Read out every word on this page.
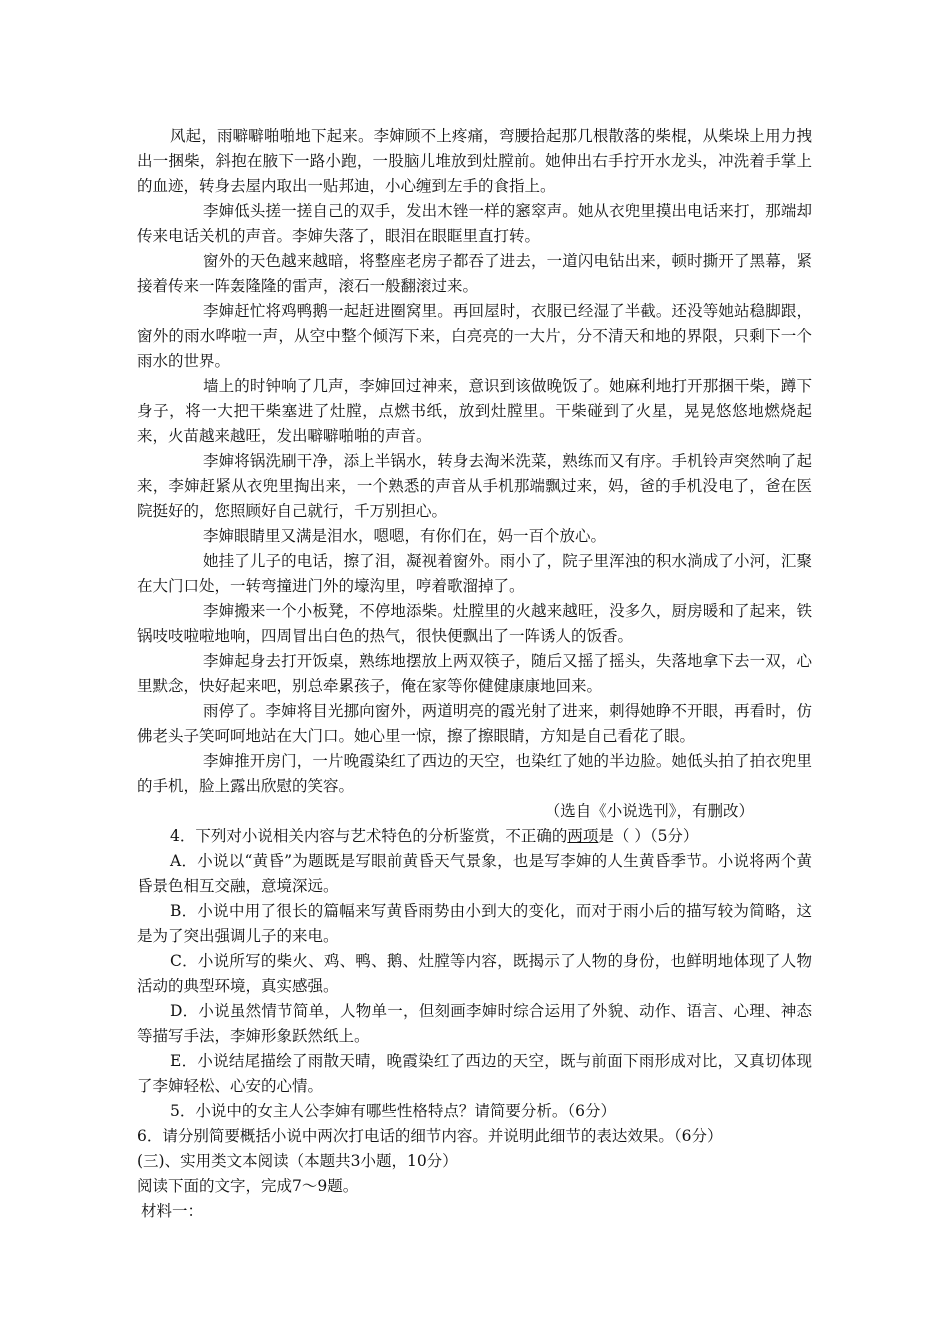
风起，雨噼噼啪啪地下起来。李婶顾不上疼痛，弯腰拾起那几根散落的柴棍，从柴垛上用力拽出一捆柴，斜抱在腋下一路小跑，一股脑儿堆放到灶膛前。她伸出右手拧开水龙头，冲洗着手掌上的血迹，转身去屋内取出一贴邦迪，小心缠到左手的食指上。

李婶低头搓一搓自己的双手，发出木锉一样的窸窣声。她从衣兜里摸出电话来打，那端却传来电话关机的声音。李婶失落了，眼泪在眼眶里直打转。

窗外的天色越来越暗，将整座老房子都吞了进去，一道闪电钻出来，顿时撕开了黑幕，紧接着传来一阵轰隆隆的雷声，滚石一般翻滚过来。

李婶赶忙将鸡鸭鹅一起赶进圈窝里。再回屋时，衣服已经湿了半截。还没等她站稳脚跟，窗外的雨水哗啦一声，从空中整个倾泻下来，白亮亮的一大片，分不清天和地的界限，只剩下一个雨水的世界。

墙上的时钟响了几声，李婶回过神来，意识到该做晚饭了。她麻利地打开那捆干柴，蹲下身子，将一大把干柴塞进了灶膛，点燃书纸，放到灶膛里。干柴碰到了火星，晃晃悠悠地燃烧起来，火苗越来越旺，发出噼噼啪啪的声音。

李婶将锅洗刷干净，添上半锅水，转身去淘米洗菜，熟练而又有序。手机铃声突然响了起来，李婶赶紧从衣兜里掏出来，一个熟悉的声音从手机那端飘过来，妈，爸的手机没电了，爸在医院挺好的，您照顾好自己就行，千万别担心。

李婶眼睛里又满是泪水，嗯嗯，有你们在，妈一百个放心。

她挂了儿子的电话，擦了泪，凝视着窗外。雨小了，院子里浑浊的积水淌成了小河，汇聚在大门口处，一转弯撞进门外的壕沟里，哼着歌溜掉了。

李婶搬来一个小板凳，不停地添柴。灶膛里的火越来越旺，没多久，厨房暖和了起来，铁锅吱吱啦啦地响，四周冒出白色的热气，很快便飘出了一阵诱人的饭香。

李婶起身去打开饭桌，熟练地摆放上两双筷子，随后又摇了摇头，失落地拿下去一双，心里默念，快好起来吧，别总牵累孩子，俺在家等你健健康康地回来。

雨停了。李婶将目光挪向窗外，两道明亮的霞光射了进来，刺得她睁不开眼，再看时，仿佛老头子笑呵呵地站在大门口。她心里一惊，擦了擦眼睛，方知是自己看花了眼。

李婶推开房门，一片晚霞染红了西边的天空，也染红了她的半边脸。她低头拍了拍衣兜里的手机，脸上露出欣慰的笑容。

（选自《小说选刊》，有删改）

4．下列对小说相关内容与艺术特色的分析鉴赏，不正确的两项是（ ）（5分）

A．小说以“黄昏”为题既是写眼前黄昏天气景象，也是写李婶的人生黄昏季节。小说将两个黄昏景色相互交融，意境深远。

B．小说中用了很长的篇幅来写黄昏雨势由小到大的变化，而对于雨小后的描写较为简略，这是为了突出强调儿子的来电。

C．小说所写的柴火、鸡、鸭、鹅、灶膛等内容，既揭示了人物的身份，也鲜明地体现了人物活动的典型环境，真实感强。

D．小说虽然情节简单，人物单一，但刻画李婶时综合运用了外貌、动作、语言、心理、神态等描写手法，李婶形象跃然纸上。

E．小说结尾描绘了雨散天晴，晚霞染红了西边的天空，既与前面下雨形成对比，又真切体现了李婶轻松、心安的心情。

5．小说中的女主人公李婶有哪些性格特点？请简要分析。（6分）

6．请分别简要概括小说中两次打电话的细节内容。并说明此细节的表达效果。（6分）

(三)、实用类文本阅读（本题共3小题，10分）

阅读下面的文字，完成7～9题。

材料一：
